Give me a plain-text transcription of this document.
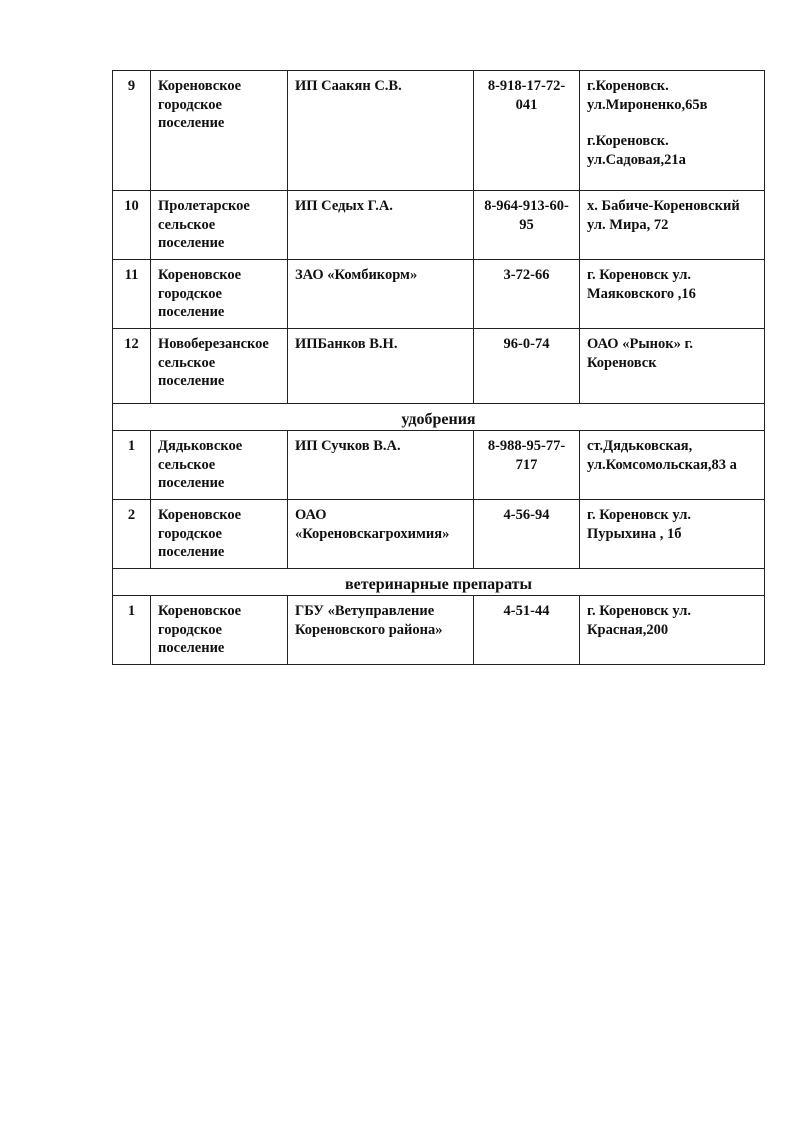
9	Кореновское городское поселение	ИП Саакян С.В.	8-918-17-72-041	г.Кореновск. ул.Мироненко,65в
г.Кореновск. ул.Садовая,21а

10	Пролетарское сельское поселение	ИП Седых Г.А.	8-964-913-60-95	х. Бабиче-Кореновский ул. Мира, 72
11	Кореновское городское поселение	ЗАО «Комбикорм»	3-72-66	г. Кореновск ул. Маяковского ,16
12	Новоберезанское сельское поселение	ИПБанков В.Н.	96-0-74	ОАО «Рынок» г. Кореновск
удобрения				
1	Дядьковское сельское поселение	ИП Сучков В.А.	8-988-95-77-717	ст.Дядьковская, ул.Комсомольская,83 а
2	Кореновское городское поселение	ОАО «Кореновскагрохимия»	4-56-94	г. Кореновск ул. Пурыхина , 1б
ветеринарные препараты				
1	Кореновское городское поселение	ГБУ «Ветуправление Кореновского района»	4-51-44	г. Кореновск ул. Красная,200
